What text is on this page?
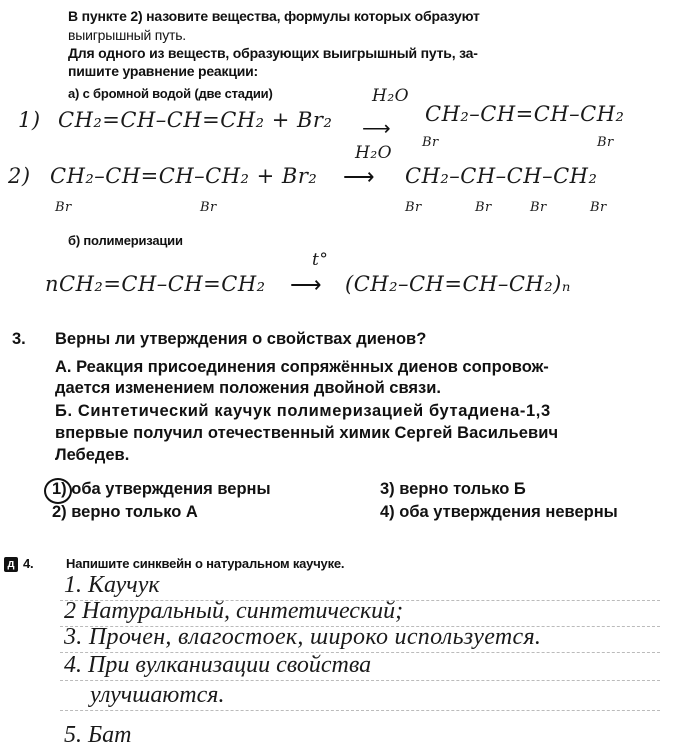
В пункте 2) назовите вещества, формулы которых образуют
выигрышный путь.
Для одного из веществ, образующих выигрышный путь, за-
пишите уравнение реакции:
а) с бромной водой (две стадии)
1) CH₂=CH–CH=CH₂ + Br₂
H₂O
⟶
CH₂–CH=CH–CH₂
Br	Br
2) CH₂–CH=CH–CH₂ + Br₂
Br	Br
H₂O
⟶ CH₂–CH–CH–CH₂
Br	Br	Br	Br
б) полимеризации
nCH₂=CH–CH=CH₂
t°
⟶ (CH₂–CH=CH–CH₂)ₙ
3. Верны ли утверждения о свойствах диенов?
А. Реакция присоединения сопряжённых диенов сопровож-
дается изменением положения двойной связи.
Б. Синтетический каучук полимеризацией бутадиена-1,3
впервые получил отечественный химик Сергей Васильевич
Лебедев.
1) оба утверждения верны
2) верно только А
3) верно только Б
4) оба утверждения неверны
д 4.	Напишите синквейн о натуральном каучуке.
1. Каучук
2 Натуральный, синтетический;
3. Прочен, влагостоек, широко используется.
4. При вулканизации свойства
улучшаются.
5. Бат
